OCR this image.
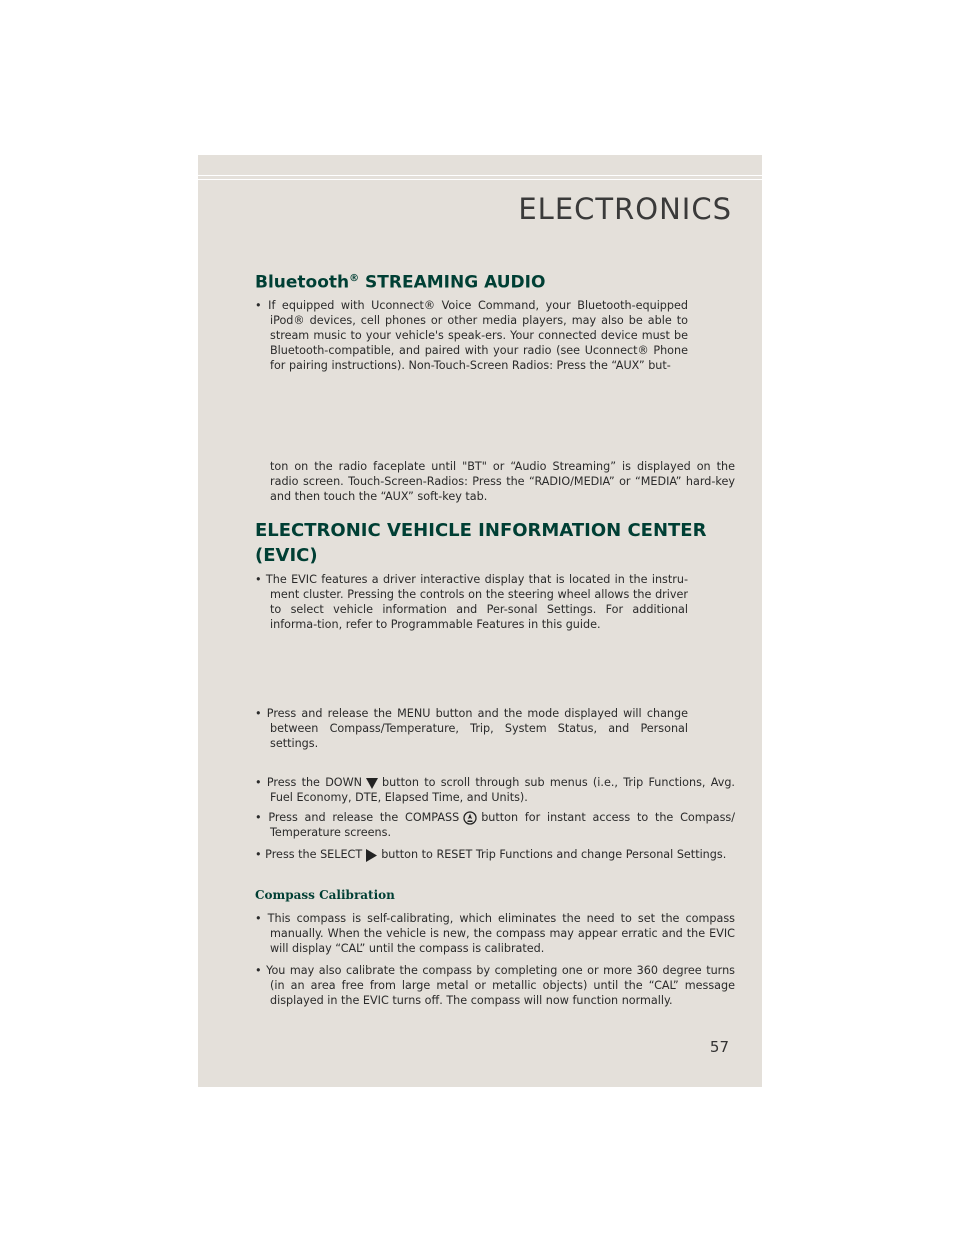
ELECTRONICS
Bluetooth® STREAMING AUDIO

• If equipped with Uconnect® Voice Command, your Bluetooth-equipped iPod® devices, cell phones or other media players, may also be able to stream music to your vehicle's speak-ers. Your connected device must be Bluetooth-compatible, and paired with your radio (see Uconnect® Phone for pairing instructions). Non-Touch-Screen Radios: Press the “AUX” but-

ton on the radio faceplate until "BT" or “Audio Streaming” is displayed on the radio screen. Touch-Screen-Radios: Press the “RADIO/MEDIA” or “MEDIA” hard-key and then touch the “AUX” soft-key tab.

ELECTRONIC VEHICLE INFORMATION CENTER
(EVIC)

• The EVIC features a driver interactive display that is located in the instru-ment cluster. Pressing the controls on the steering wheel allows the driver to select vehicle information and Per-sonal Settings. For additional informa-tion, refer to Programmable Features in this guide.

• Press and release the MENU button and the mode displayed will change between Compass/Temperature, Trip, System Status, and Personal settings.

• Press the DOWN button to scroll through sub menus (i.e., Trip Functions, Avg. Fuel Economy, DTE, Elapsed Time, and Units).

• Press and release the COMPASS button for instant access to the Compass/ Temperature screens.

• Press the SELECT button to RESET Trip Functions and change Personal Settings.

Compass Calibration

• This compass is self-calibrating, which eliminates the need to set the compass manually. When the vehicle is new, the compass may appear erratic and the EVIC will display “CAL” until the compass is calibrated.

• You may also calibrate the compass by completing one or more 360 degree turns (in an area free from large metal or metallic objects) until the “CAL” message displayed in the EVIC turns off. The compass will now function normally.

57
